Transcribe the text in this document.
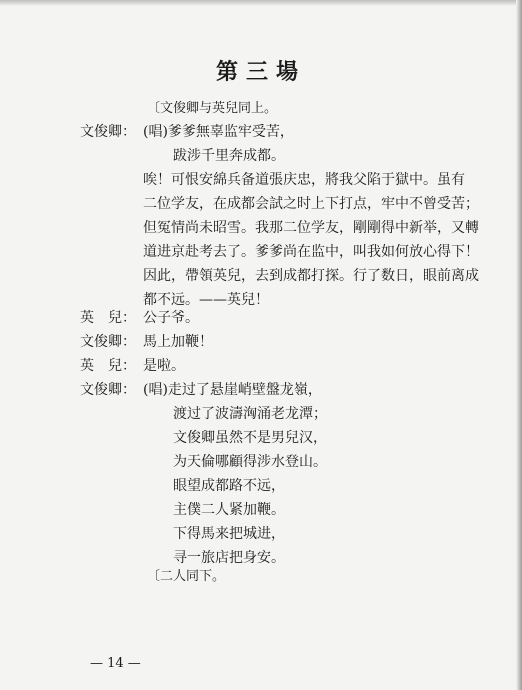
第三場
〔文俊卿与英兒同上。
文俊卿： (唱)爹爹無辜监牢受苦，
跋涉千里奔成都。
唉！可恨安綿兵备道張庆忠，將我父陷于獄中。虽有
二位学友，在成都会試之时上下打点，牢中不曾受苦；
但冤情尚未昭雪。我那二位学友，剛剛得中新举，又轉
道进京赴考去了。爹爹尚在监中，叫我如何放心得下！
因此，帶領英兒，去到成都打探。行了数日，眼前离成
都不远。——英兒！
英　兒： 公子爷。
文俊卿： 馬上加鞭！
英　兒： 是啦。
文俊卿： (唱)走过了悬崖峭壁盤龙嶺，
渡过了波濤洶涌老龙潭；
文俊卿虽然不是男兒汉，
为天倫哪顧得涉水登山。
眼望成都路不远，
主僕二人紧加鞭。
下得馬来把城进，
寻一旅店把身安。
〔二人同下。
— 14 —
